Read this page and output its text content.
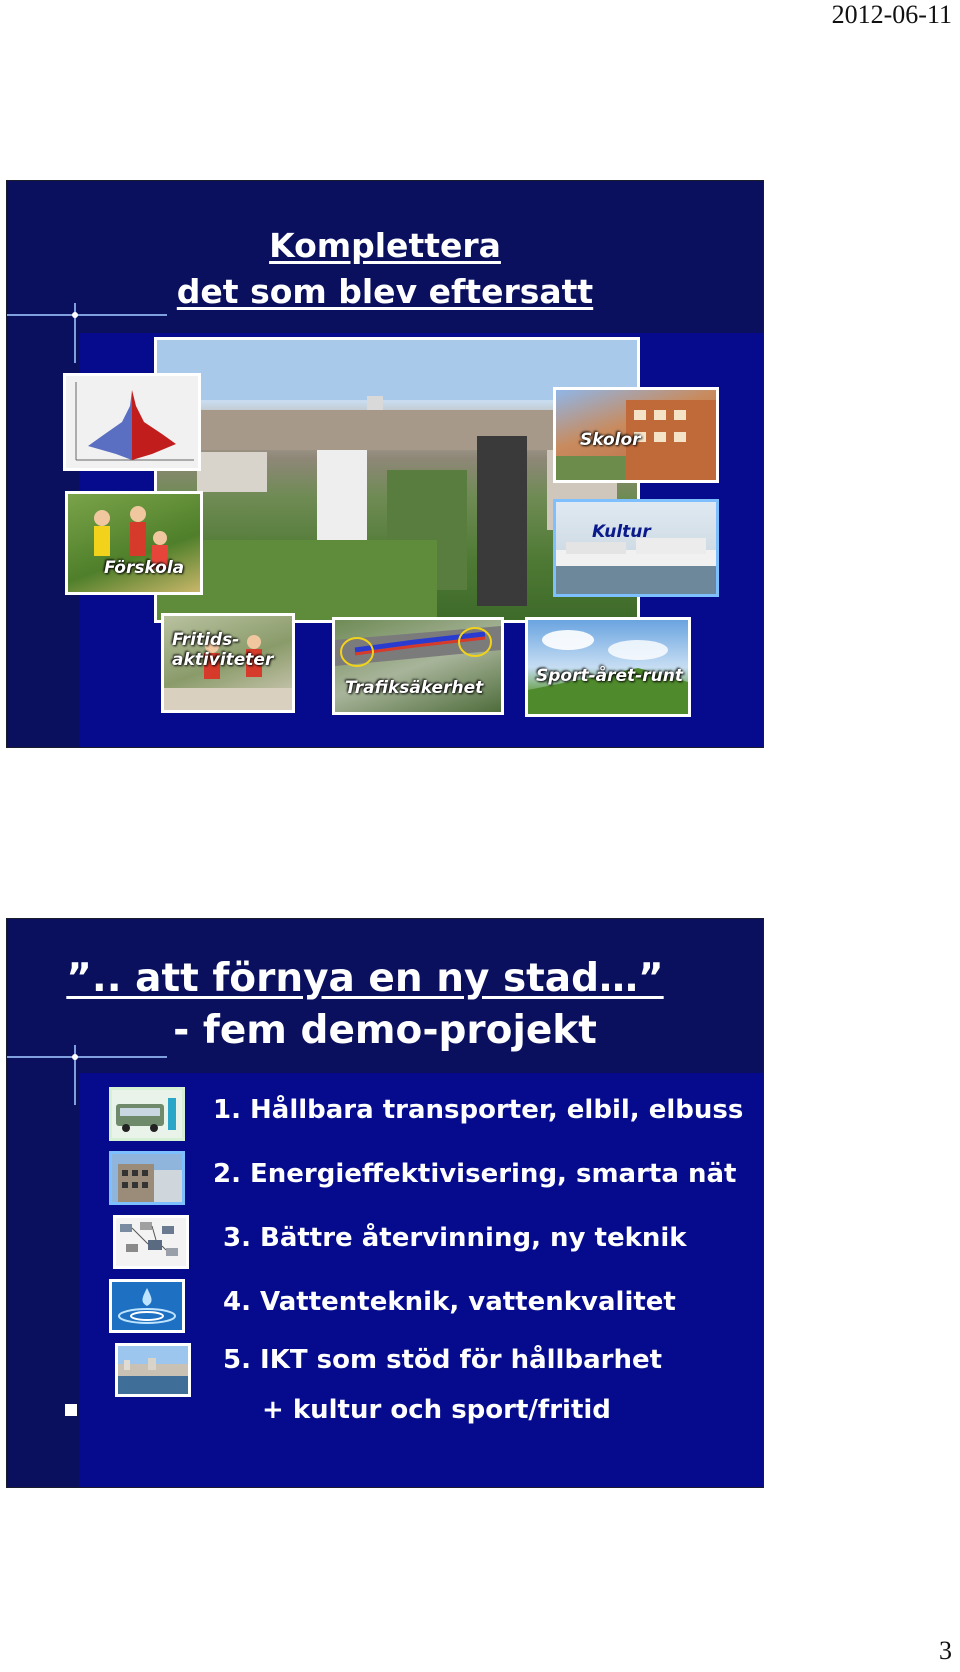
2012-06-11
Komplettera
det som blev eftersatt
Förskola
Skolor
Kultur
Fritids-
aktiviteter
Trafiksäkerhet
Sport-året-runt
”.. att förnya en ny stad…”
- fem demo-projekt
1. Hållbara transporter, elbil, elbuss
2. Energieffektivisering, smarta nät
3. Bättre återvinning, ny teknik
4. Vattenteknik, vattenkvalitet
5. IKT som stöd för hållbarhet
+ kultur och sport/fritid
3
